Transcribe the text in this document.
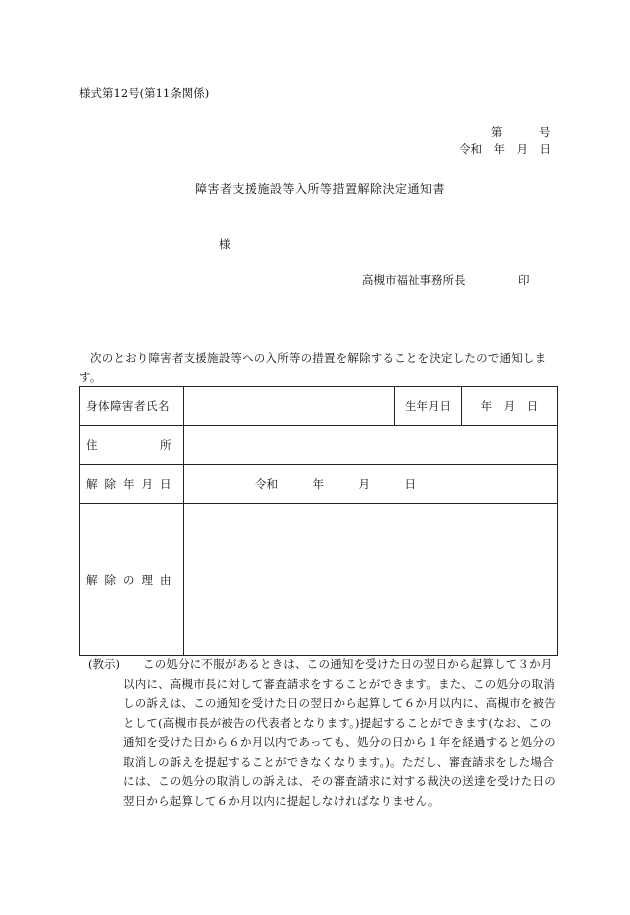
様式第12号(第11条関係)
第　　　号
令和　年　月　日
障害者支援施設等入所等措置解除決定通知書
様
高槻市福祉事務所長	印
次のとおり障害者支援施設等への入所等の措置を解除することを決定したので通知します。
身体障害者氏名		生年月日	年　月　日

住 所			

解 除 年 月 日	令和　　　年　　　月　　　日		

解 除 の 理 由			

(教示)	この処分に不服があるときは、この通知を受けた日の翌日から起算して３か月以内に、高槻市長に対して審査請求をすることができます。また、この処分の取消しの訴えは、この通知を受けた日の翌日から起算して６か月以内に、高槻市を被告として(高槻市長が被告の代表者となります。)提起することができます(なお、この通知を受けた日から６か月以内であっても、処分の日から１年を経過すると処分の取消しの訴えを提起することができなくなります。)。ただし、審査請求をした場合には、この処分の取消しの訴えは、その審査請求に対する裁決の送達を受けた日の翌日から起算して６か月以内に提起しなければなりません。
